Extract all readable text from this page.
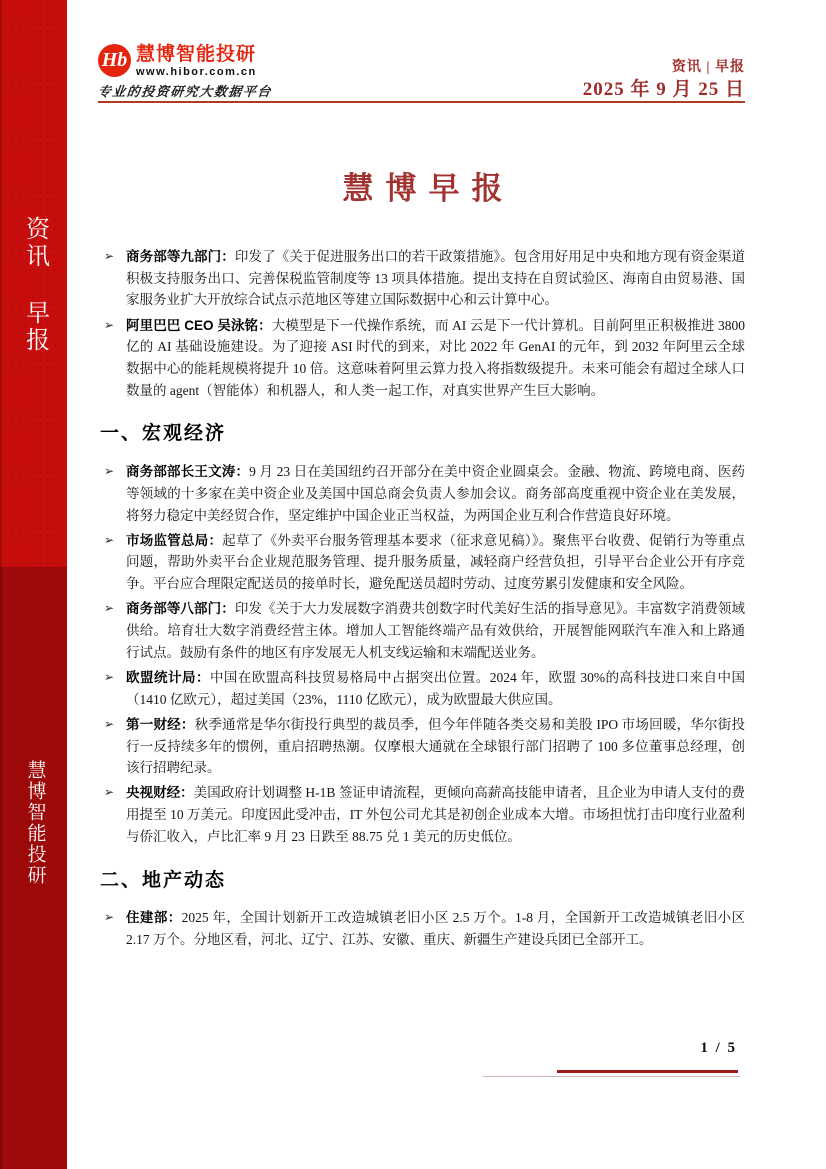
资讯 早报
慧博智能投研
Hb 慧博智能投研
www.hibor.com.cn
专业的投资研究大数据平台
资讯 | 早报
2025 年 9 月 25 日
慧博早报
➢ 商务部等九部门：印发了《关于促进服务出口的若干政策措施》。包含用好用足中央和地方现有资金渠道积极支持服务出口、完善保税监管制度等 13 项具体措施。提出支持在自贸试验区、海南自由贸易港、国家服务业扩大开放综合试点示范地区等建立国际数据中心和云计算中心。

➢ 阿里巴巴 CEO 吴泳铭：大模型是下一代操作系统，而 AI 云是下一代计算机。目前阿里正积极推进 3800 亿的 AI 基础设施建设。为了迎接 ASI 时代的到来，对比 2022 年 GenAI 的元年，到 2032 年阿里云全球数据中心的能耗规模将提升 10 倍。这意味着阿里云算力投入将指数级提升。未来可能会有超过全球人口数量的 agent（智能体）和机器人，和人类一起工作，对真实世界产生巨大影响。

一、宏观经济
➢ 商务部部长王文涛：9 月 23 日在美国纽约召开部分在美中资企业圆桌会。金融、物流、跨境电商、医药等领域的十多家在美中资企业及美国中国总商会负责人参加会议。商务部高度重视中资企业在美发展，将努力稳定中美经贸合作，坚定维护中国企业正当权益，为两国企业互利合作营造良好环境。

➢ 市场监管总局：起草了《外卖平台服务管理基本要求（征求意见稿）》。聚焦平台收费、促销行为等重点问题，帮助外卖平台企业规范服务管理、提升服务质量，减轻商户经营负担，引导平台企业公开有序竞争。平台应合理限定配送员的接单时长，避免配送员超时劳动、过度劳累引发健康和安全风险。

➢ 商务部等八部门：印发《关于大力发展数字消费共创数字时代美好生活的指导意见》。丰富数字消费领域供给。培育壮大数字消费经营主体。增加人工智能终端产品有效供给，开展智能网联汽车准入和上路通行试点。鼓励有条件的地区有序发展无人机支线运输和末端配送业务。

➢ 欧盟统计局：中国在欧盟高科技贸易格局中占据突出位置。2024 年，欧盟 30%的高科技进口来自中国（1410 亿欧元），超过美国（23%，1110 亿欧元），成为欧盟最大供应国。

➢ 第一财经：秋季通常是华尔街投行典型的裁员季，但今年伴随各类交易和美股 IPO 市场回暖，华尔街投行一反持续多年的惯例，重启招聘热潮。仅摩根大通就在全球银行部门招聘了 100 多位董事总经理，创该行招聘纪录。

➢ 央视财经：美国政府计划调整 H-1B 签证申请流程，更倾向高薪高技能申请者，且企业为申请人支付的费用提至 10 万美元。印度因此受冲击，IT 外包公司尤其是初创企业成本大增。市场担忧打击印度行业盈利与侨汇收入，卢比汇率 9 月 23 日跌至 88.75 兑 1 美元的历史低位。

二、地产动态
➢ 住建部：2025 年，全国计划新开工改造城镇老旧小区 2.5 万个。1-8 月，全国新开工改造城镇老旧小区 2.17 万个。分地区看，河北、辽宁、江苏、安徽、重庆、新疆生产建设兵团已全部开工。

1 / 5
